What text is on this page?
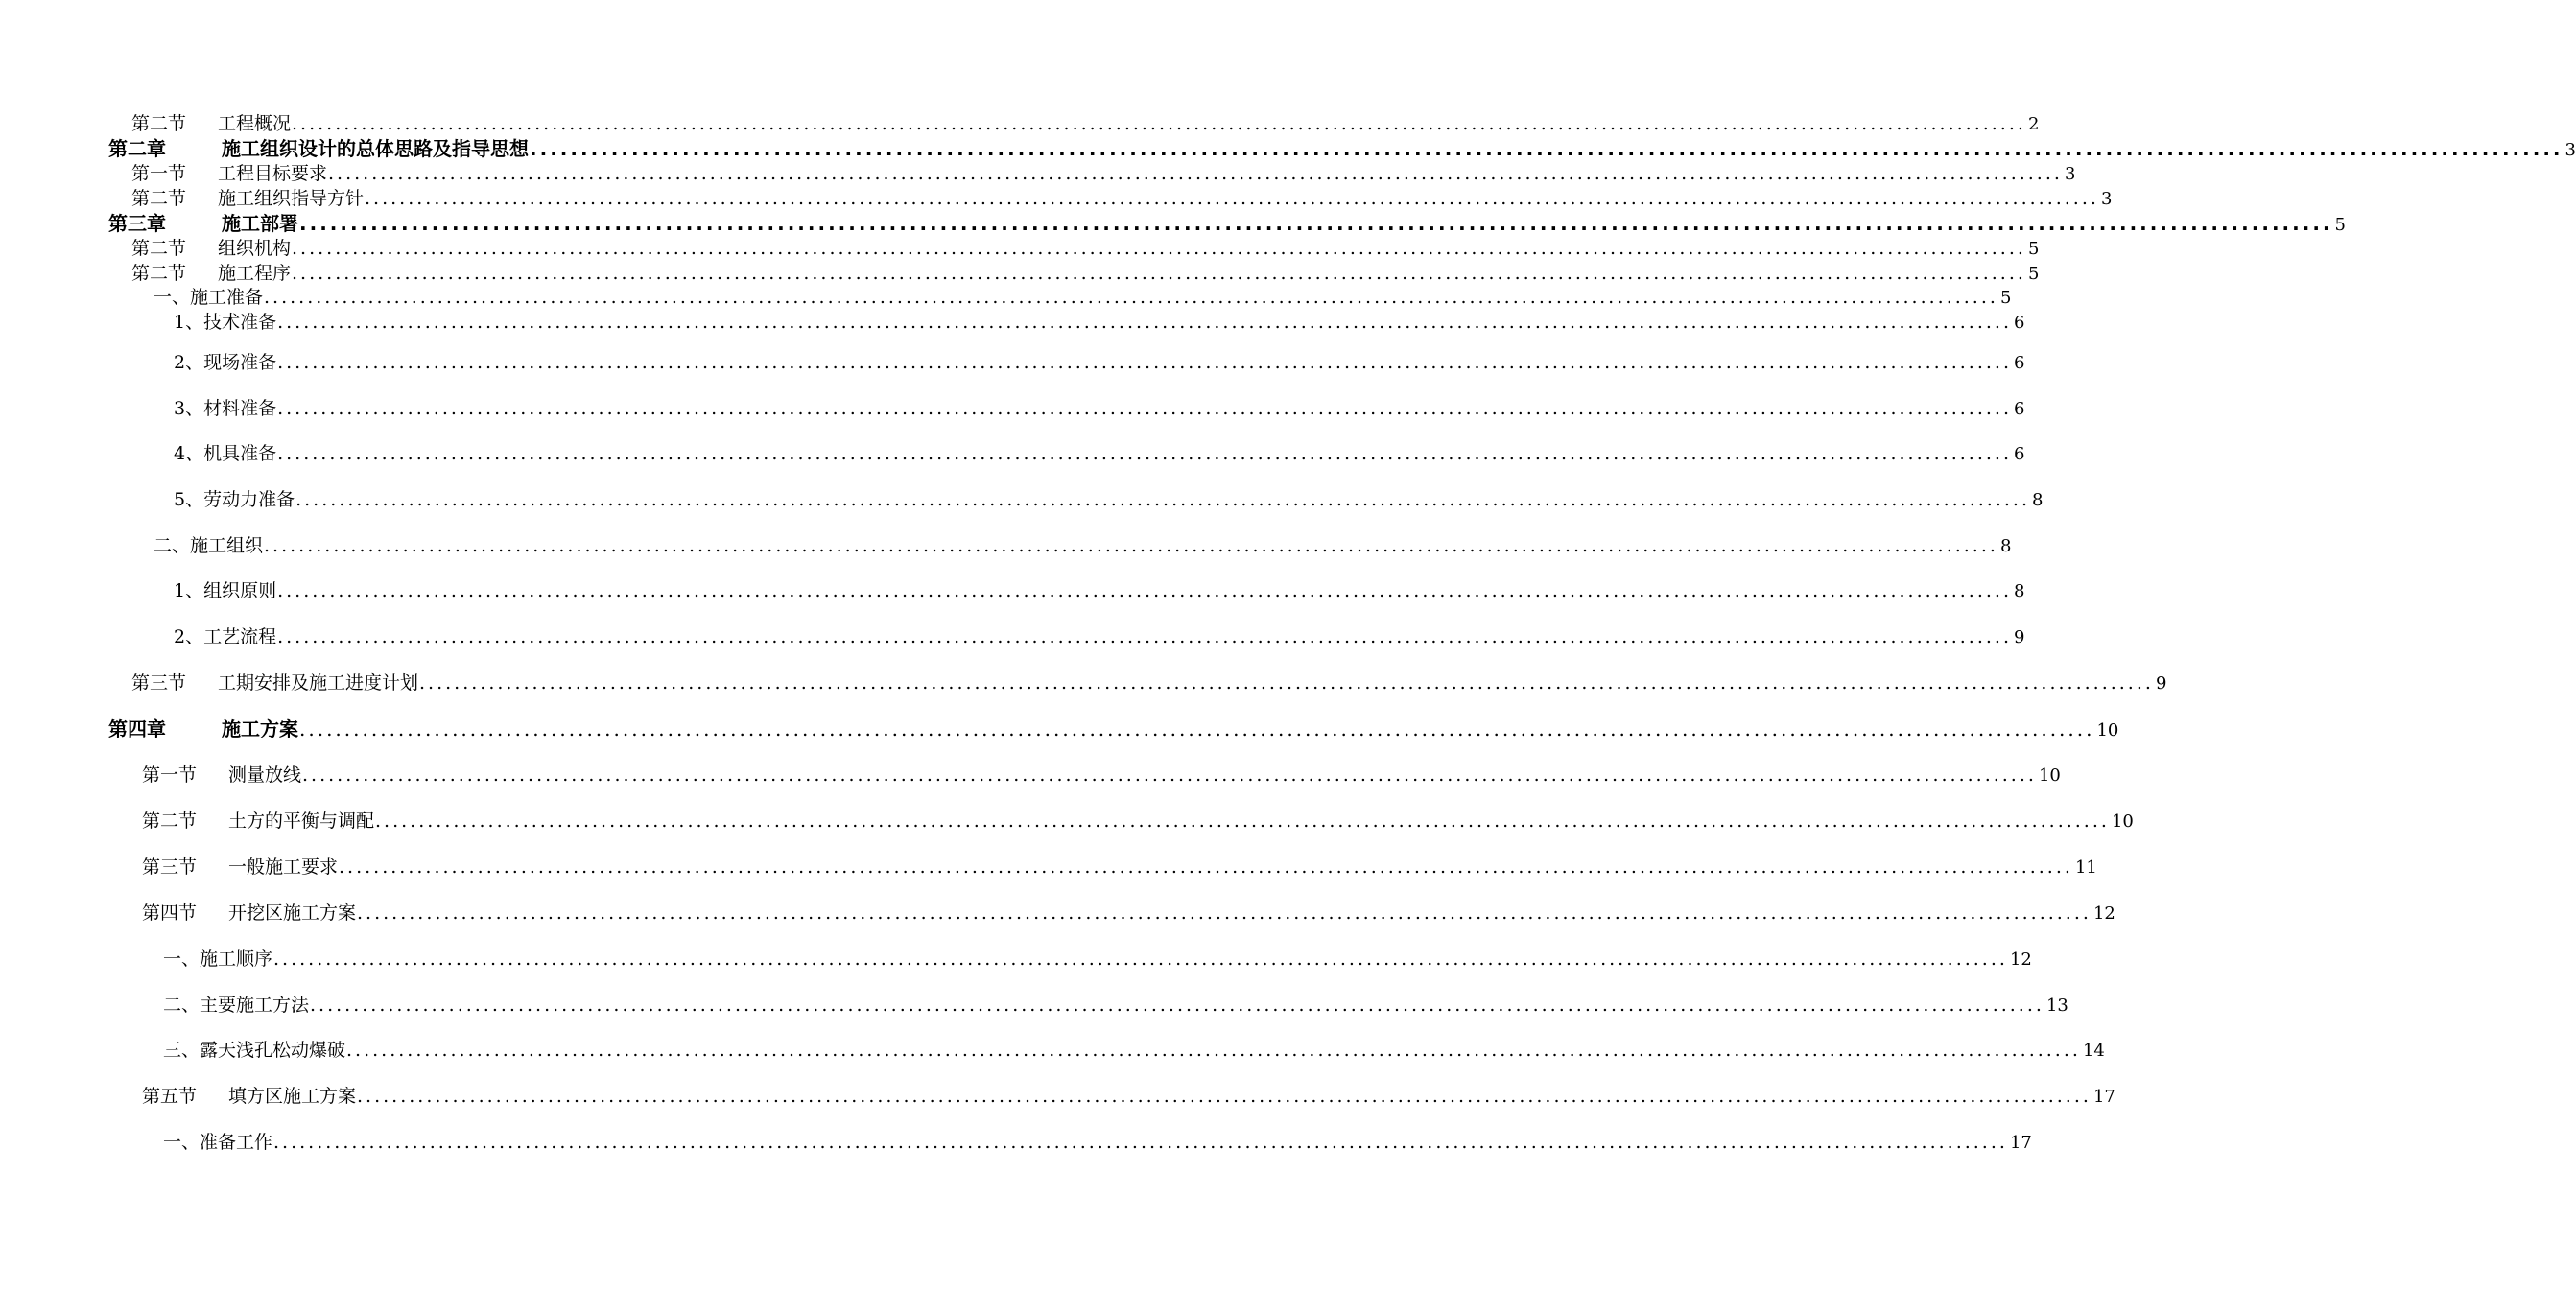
第二节	工程概况 ........................................................................................................................................................................................................ 2
第二章	施工组织设计的总体思路及指导思想 ........................................................................................................................................................................................................ 3
第一节	工程目标要求 ........................................................................................................................................................................................................ 3
第二节	施工组织指导方针 ........................................................................................................................................................................................................ 3
第三章	施工部署 ........................................................................................................................................................................................................ 5
第二节	组织机构 ........................................................................................................................................................................................................ 5
第二节	施工程序 ........................................................................................................................................................................................................ 5
一、施工准备 ........................................................................................................................................................................................................ 5
1、技术准备 ........................................................................................................................................................................................................ 6
2、现场准备 ........................................................................................................................................................................................................ 6
3、材料准备 ........................................................................................................................................................................................................ 6
4、机具准备 ........................................................................................................................................................................................................ 6
5、劳动力准备 ........................................................................................................................................................................................................ 8
二、施工组织 ........................................................................................................................................................................................................ 8
1、组织原则 ........................................................................................................................................................................................................ 8
2、工艺流程 ........................................................................................................................................................................................................ 9
第三节	工期安排及施工进度计划 ........................................................................................................................................................................................................ 9
第四章	施工方案 ........................................................................................................................................................................................................ 10
第一节	测量放线 ........................................................................................................................................................................................................ 10
第二节	土方的平衡与调配 ........................................................................................................................................................................................................ 10
第三节	一般施工要求 ........................................................................................................................................................................................................ 11
第四节	开挖区施工方案 ........................................................................................................................................................................................................ 12
一、施工顺序 ........................................................................................................................................................................................................ 12
二、主要施工方法 ........................................................................................................................................................................................................ 13
三、露天浅孔松动爆破 ........................................................................................................................................................................................................ 14
第五节	填方区施工方案 ........................................................................................................................................................................................................ 17
一、准备工作 ........................................................................................................................................................................................................ 17
